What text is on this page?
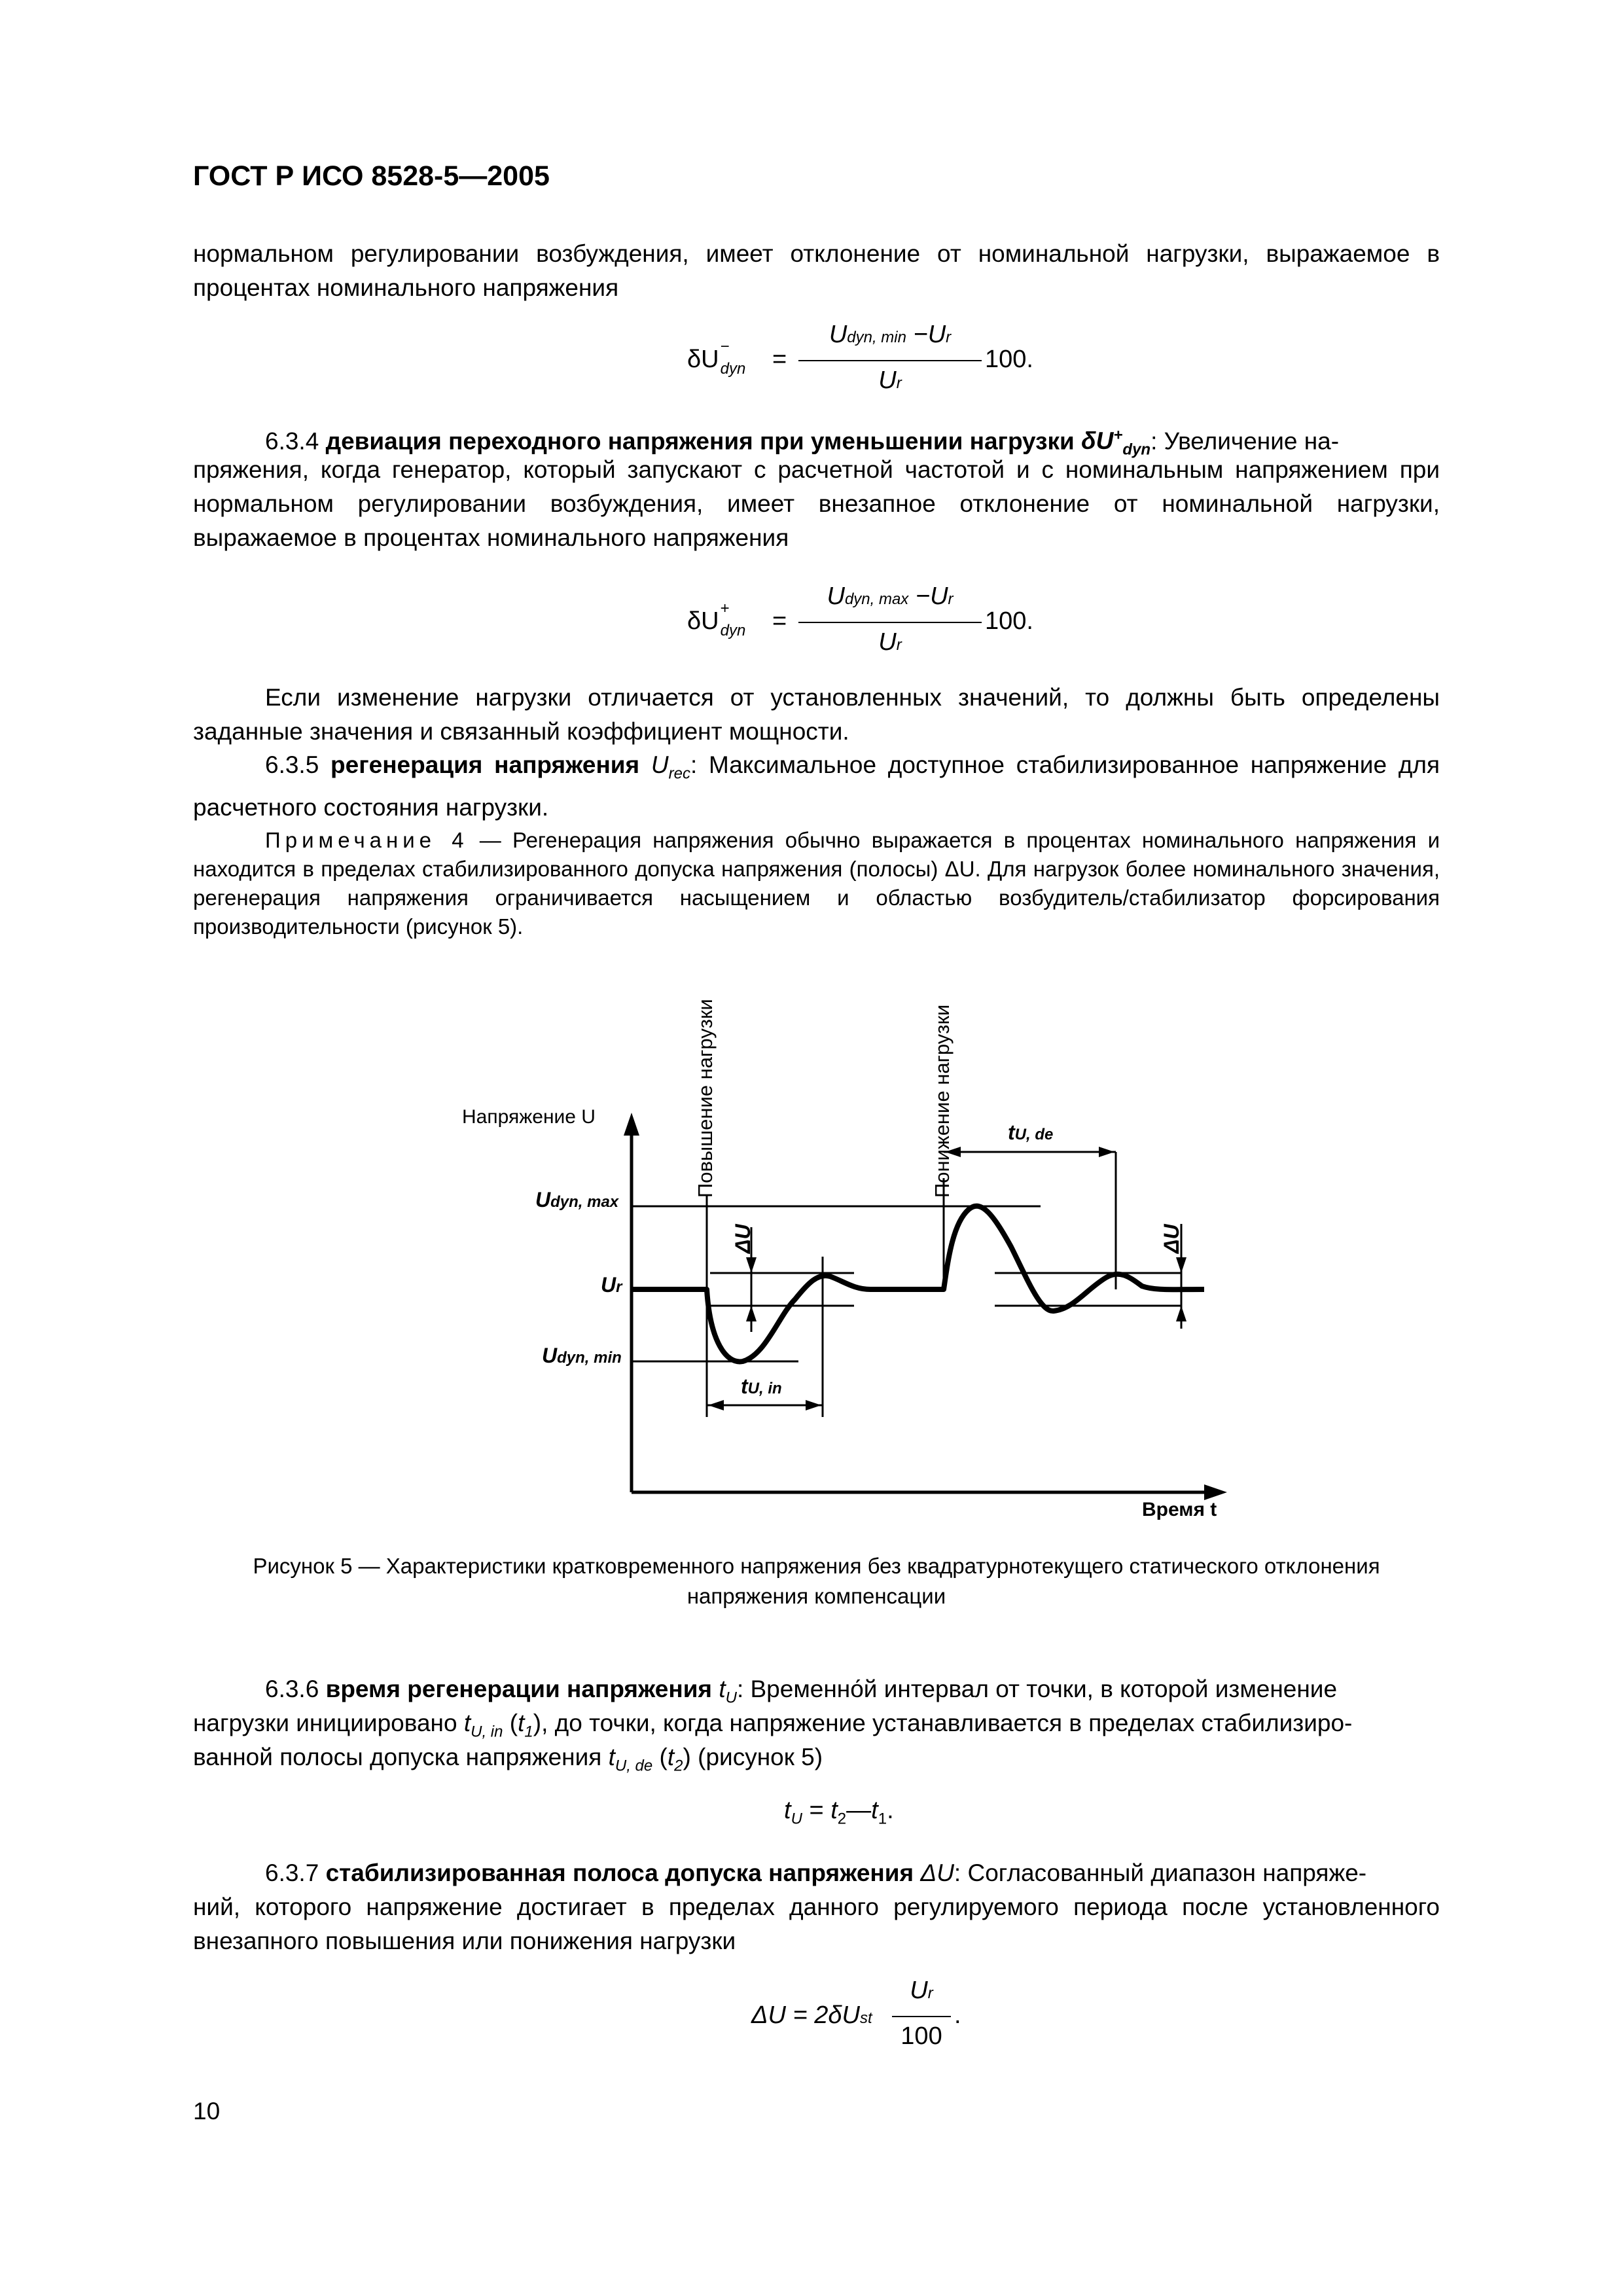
ГОСТ Р ИСО 8528-5—2005
нормальном регулировании возбуждения, имеет отклонение от номинальной нагрузки, выражаемое в процентах номинального напряжения
δU −
dyn =
Udyn, min −Ur
Ur
100.
6.3.4 девиация переходного напряжения при уменьшении нагрузки $\delta U^+_{dyn}$: Увеличение на-
пряжения, когда генератор, который запускают с расчетной частотой и с номинальным напряжением при нормальном регулировании возбуждения, имеет внезапное отклонение от номинальной нагрузки, выражаемое в процентах номинального напряжения
δU +
dyn =
Udyn, max −Ur
Ur
100.
Если изменение нагрузки отличается от установленных значений, то должны быть определены заданные значения и связанный коэффициент мощности.
6.3.5 регенерация напряжения $U_{rec}$: Максимальное доступное стабилизированное напряжение для расчетного состояния нагрузки.
Примечание 4 — Регенерация напряжения обычно выражается в процентах номинального напряжения и находится в пределах стабилизированного допуска напряжения (полосы) ΔU. Для нагрузок более номинального значения, регенерация напряжения ограничивается насыщением и областью возбудитель/стабилизатор форсирования производительности (рисунок 5).
Напряжение U
Время t
Повышение нагрузки	Понижение нагрузки
Udyn, max
Ur
Udyn, min
tU, in
tU, de
ΔU	ΔU
Рисунок 5 — Характеристики кратковременного напряжения без квадратурнотекущего статического отклонения
напряжения компенсации
6.3.6 время регенерации напряжения $t_U$: Временно́й интервал от точки, в которой изменение
нагрузки инициировано $t_{U, in}$ $(t_1)$, до точки, когда напряжение устанавливается в пределах стабилизиро-
ванной полосы допуска напряжения $t_{U, de}$ $(t_2)$ (рисунок 5)
$t_U$ = $t_2—t_1$.
6.3.7 стабилизированная полоса допуска напряжения ΔU: Согласованный диапазон напряже-
ний, которого напряжение достигает в пределах данного регулируемого периода после установленного внезапного повышения или понижения нагрузки
ΔU = 2δUst
Ur
100
.
10
